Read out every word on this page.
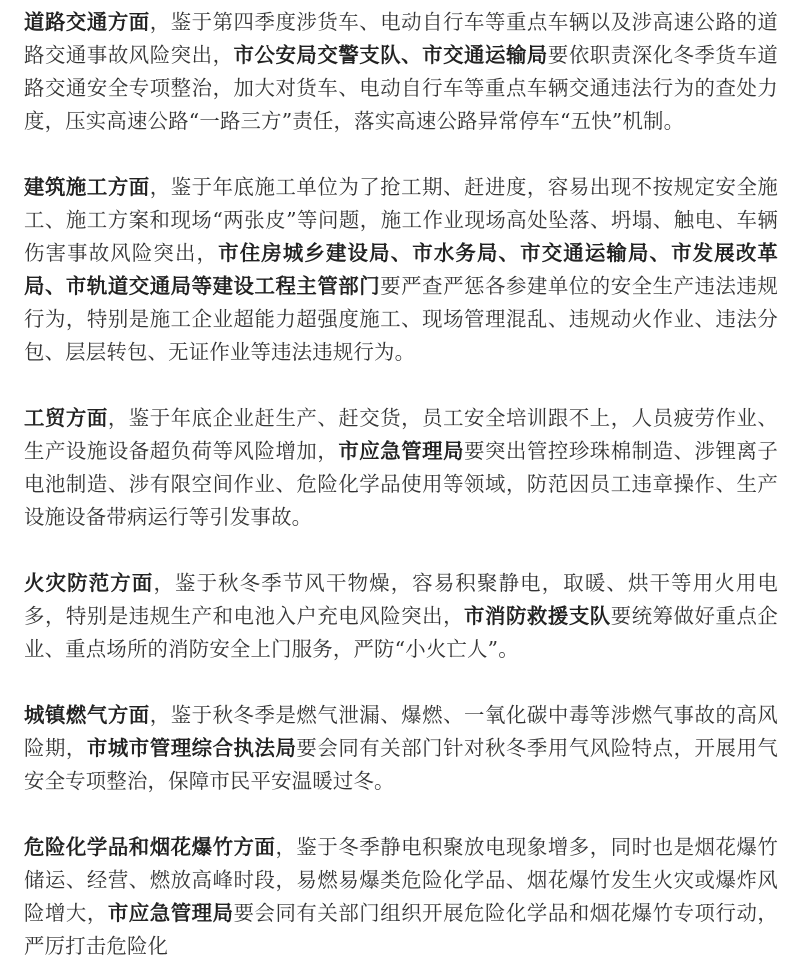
道路交通方面，鉴于第四季度涉货车、电动自行车等重点车辆以及涉高速公路的道路交通事故风险突出，市公安局交警支队、市交通运输局要依职责深化冬季货车道路交通安全专项整治，加大对货车、电动自行车等重点车辆交通违法行为的查处力度，压实高速公路“一路三方”责任，落实高速公路异常停车“五快”机制。

建筑施工方面，鉴于年底施工单位为了抢工期、赶进度，容易出现不按规定安全施工、施工方案和现场“两张皮”等问题，施工作业现场高处坠落、坍塌、触电、车辆伤害事故风险突出，市住房城乡建设局、市水务局、市交通运输局、市发展改革局、市轨道交通局等建设工程主管部门要严查严惩各参建单位的安全生产违法违规行为，特别是施工企业超能力超强度施工、现场管理混乱、违规动火作业、违法分包、层层转包、无证作业等违法违规行为。

工贸方面，鉴于年底企业赶生产、赶交货，员工安全培训跟不上，人员疲劳作业、生产设施设备超负荷等风险增加，市应急管理局要突出管控珍珠棉制造、涉锂离子电池制造、涉有限空间作业、危险化学品使用等领域，防范因员工违章操作、生产设施设备带病运行等引发事故。

火灾防范方面，鉴于秋冬季节风干物燥，容易积聚静电，取暖、烘干等用火用电多，特别是违规生产和电池入户充电风险突出，市消防救援支队要统筹做好重点企业、重点场所的消防安全上门服务，严防“小火亡人”。

城镇燃气方面，鉴于秋冬季是燃气泄漏、爆燃、一氧化碳中毒等涉燃气事故的高风险期，市城市管理综合执法局要会同有关部门针对秋冬季用气风险特点，开展用气安全专项整治，保障市民平安温暖过冬。

危险化学品和烟花爆竹方面，鉴于冬季静电积聚放电现象增多，同时也是烟花爆竹储运、经营、燃放高峰时段，易燃易爆类危险化学品、烟花爆竹发生火灾或爆炸风险增大，市应急管理局要会同有关部门组织开展危险化学品和烟花爆竹专项行动，严厉打击危险化
